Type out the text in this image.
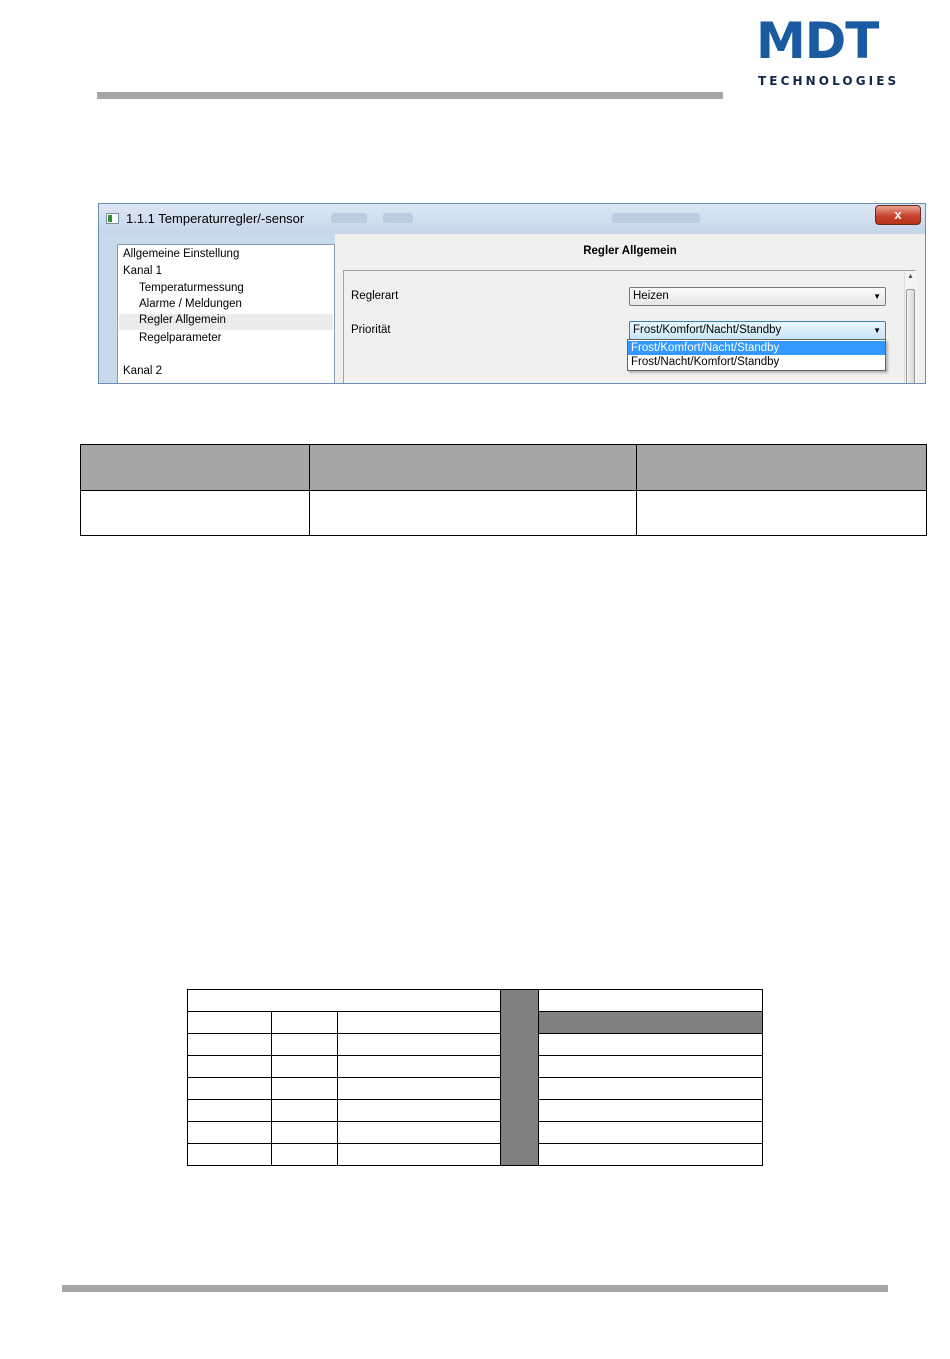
MDT
TECHNOLOGIES
1.1.1 Temperaturregler/-sensor	x
Allgemeine Einstellung
Kanal 1
Temperaturmessung
Alarme / Meldungen
Regler Allgemein
Regelparameter
Kanal 2
Regler Allgemein
Reglerart	Heizen	▼
Priorität	Frost/Komfort/Nacht/Standby	▼
▲
Frost/Komfort/Nacht/Standby
Frost/Nacht/Komfort/Standby
